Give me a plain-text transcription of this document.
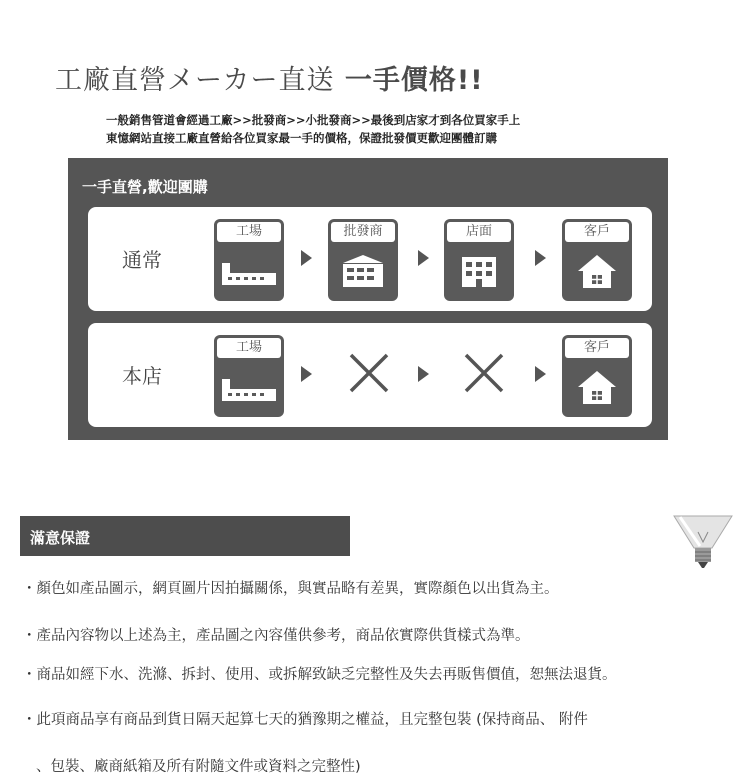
工廠直營メーカー直送 一手價格!!
一般銷售管道會經過工廠>>批發商>>小批發商>>最後到店家才到各位買家手上
東憶網站直接工廠直營給各位買家最一手的價格，保證批發價更歡迎團體訂購
一手直營,歡迎團購
通常
工場	批發商	店面	客戶
本店
工場	客戶
滿意保證
・顏色如產品圖示，網頁圖片因拍攝關係，與實品略有差異，實際顏色以出貨為主。
・產品內容物以上述為主，產品圖之內容僅供參考，商品依實際供貨樣式為準。
・商品如經下水、洗滌、拆封、使用、或拆解致缺乏完整性及失去再販售價值，恕無法退貨。
・此項商品享有商品到貨日隔天起算七天的猶豫期之權益，且完整包裝 (保持商品、 附件
、包裝、廠商紙箱及所有附隨文件或資料之完整性)
